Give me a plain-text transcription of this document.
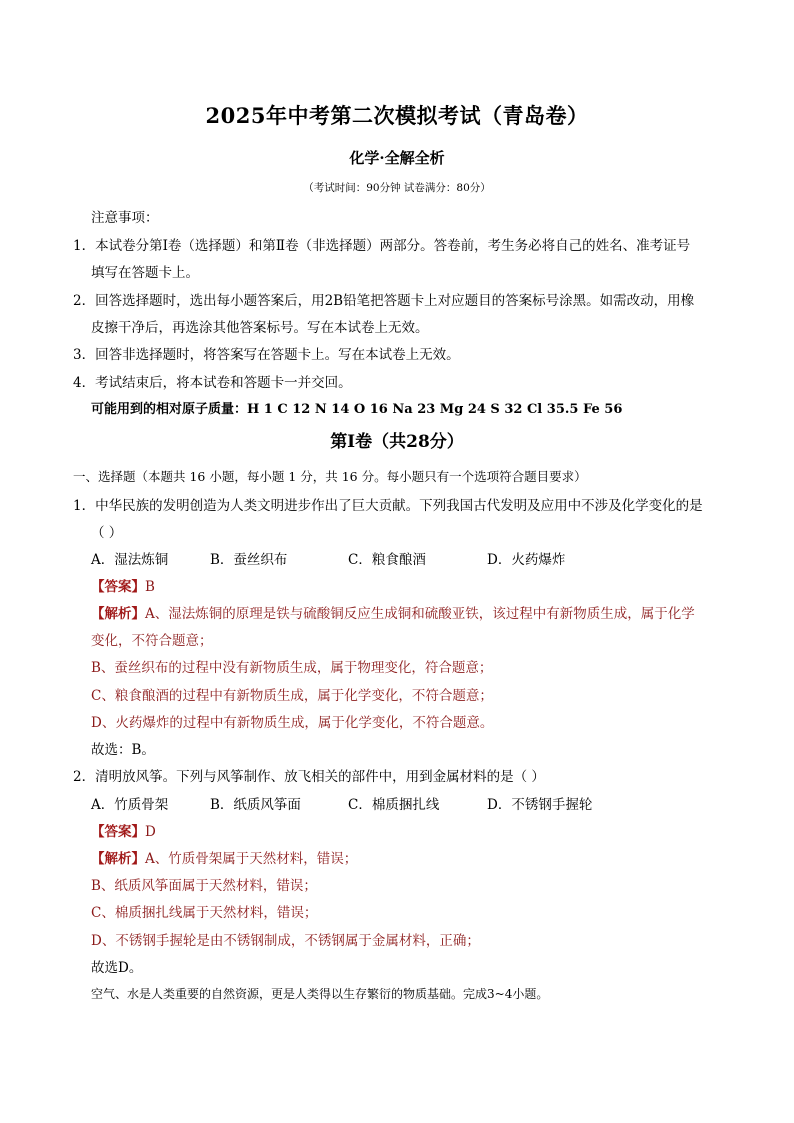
2025年中考第二次模拟考试（青岛卷）
化学·全解全析
（考试时间：90分钟 试卷满分：80分）
注意事项：
1．本试卷分第Ⅰ卷（选择题）和第Ⅱ卷（非选择题）两部分。答卷前，考生务必将自己的姓名、准考证号
填写在答题卡上。
2．回答选择题时，选出每小题答案后，用2B铅笔把答题卡上对应题目的答案标号涂黑。如需改动，用橡
皮擦干净后，再选涂其他答案标号。写在本试卷上无效。
3．回答非选择题时，将答案写在答题卡上。写在本试卷上无效。
4．考试结束后，将本试卷和答题卡一并交回。
可能用到的相对原子质量：H 1 C 12 N 14 O 16 Na 23 Mg 24 S 32 Cl 35.5 Fe 56
第Ⅰ卷（共28分）
一、选择题（本题共 16 小题，每小题 1 分，共 16 分。每小题只有一个选项符合题目要求）
1．中华民族的发明创造为人类文明进步作出了巨大贡献。下列我国古代发明及应用中不涉及化学变化的是
（ ）
A．湿法炼铜	B．蚕丝织布	C．粮食酿酒	D．火药爆炸
【答案】B
【解析】A、湿法炼铜的原理是铁与硫酸铜反应生成铜和硫酸亚铁，该过程中有新物质生成，属于化学
变化，不符合题意；
B、蚕丝织布的过程中没有新物质生成，属于物理变化，符合题意；
C、粮食酿酒的过程中有新物质生成，属于化学变化，不符合题意；
D、火药爆炸的过程中有新物质生成，属于化学变化，不符合题意。
故选：B。
2．清明放风筝。下列与风筝制作、放飞相关的部件中，用到金属材料的是（ ）
A．竹质骨架	B．纸质风筝面	C．棉质捆扎线	D．不锈钢手握轮
【答案】D
【解析】A、竹质骨架属于天然材料，错误；
B、纸质风筝面属于天然材料，错误；
C、棉质捆扎线属于天然材料，错误；
D、不锈钢手握轮是由不锈钢制成，不锈钢属于金属材料，正确；
故选D。
空气、水是人类重要的自然资源，更是人类得以生存繁衍的物质基础。完成3~4小题。
